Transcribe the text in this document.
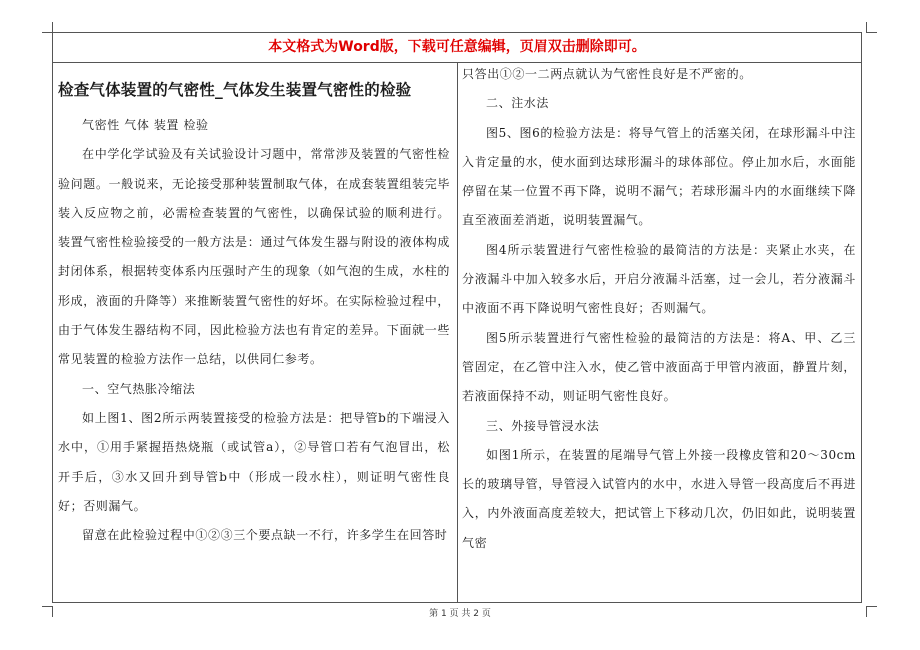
本文格式为Word版，下载可任意编辑，页眉双击删除即可。

检查气体装置的气密性_气体发生装置气密性的检验

气密性 气体 装置 检验

在中学化学试验及有关试验设计习题中，常常涉及装置的气密性检验问题。一般说来，无论接受那种装置制取气体，在成套装置组装完毕装入反应物之前，必需检查装置的气密性，以确保试验的顺利进行。 装置气密性检验接受的一般方法是：通过气体发生器与附设的液体构成封闭体系，根据转变体系内压强时产生的现象（如气泡的生成，水柱的形成，液面的升降等）来推断装置气密性的好坏。在实际检验过程中，由于气体发生器结构不同，因此检验方法也有肯定的差异。下面就一些常见装置的检验方法作一总结，以供同仁参考。

一、空气热胀冷缩法

如上图1、图2所示两装置接受的检验方法是：把导管b的下端浸入水中，①用手紧握捂热烧瓶（或试管a），②导管口若有气泡冒出，松开手后，③水又回升到导管b中（形成一段水柱），则证明气密性良好；否则漏气。

留意在此检验过程中①②③三个要点缺一不行，许多学生在回答时

只答出①②一二两点就认为气密性良好是不严密的。

二、注水法

图5、图6的检验方法是：将导气管上的活塞关闭，在球形漏斗中注入肯定量的水，使水面到达球形漏斗的球体部位。停止加水后，水面能停留在某一位置不再下降，说明不漏气；若球形漏斗内的水面继续下降直至液面差消逝，说明装置漏气。

图4所示装置进行气密性检验的最简洁的方法是：夹紧止水夹，在分液漏斗中加入较多水后，开启分液漏斗活塞，过一会儿，若分液漏斗中液面不再下降说明气密性良好；否则漏气。

图5所示装置进行气密性检验的最简洁的方法是：将A、甲、乙三管固定，在乙管中注入水，使乙管中液面高于甲管内液面，静置片刻，若液面保持不动，则证明气密性良好。

三、外接导管浸水法

如图1所示，在装置的尾端导气管上外接一段橡皮管和20～30cm长的玻璃导管，导管浸入试管内的水中，水进入导管一段高度后不再进入，内外液面高度差较大，把试管上下移动几次，仍旧如此，说明装置气密

第 1 页 共 2 页
